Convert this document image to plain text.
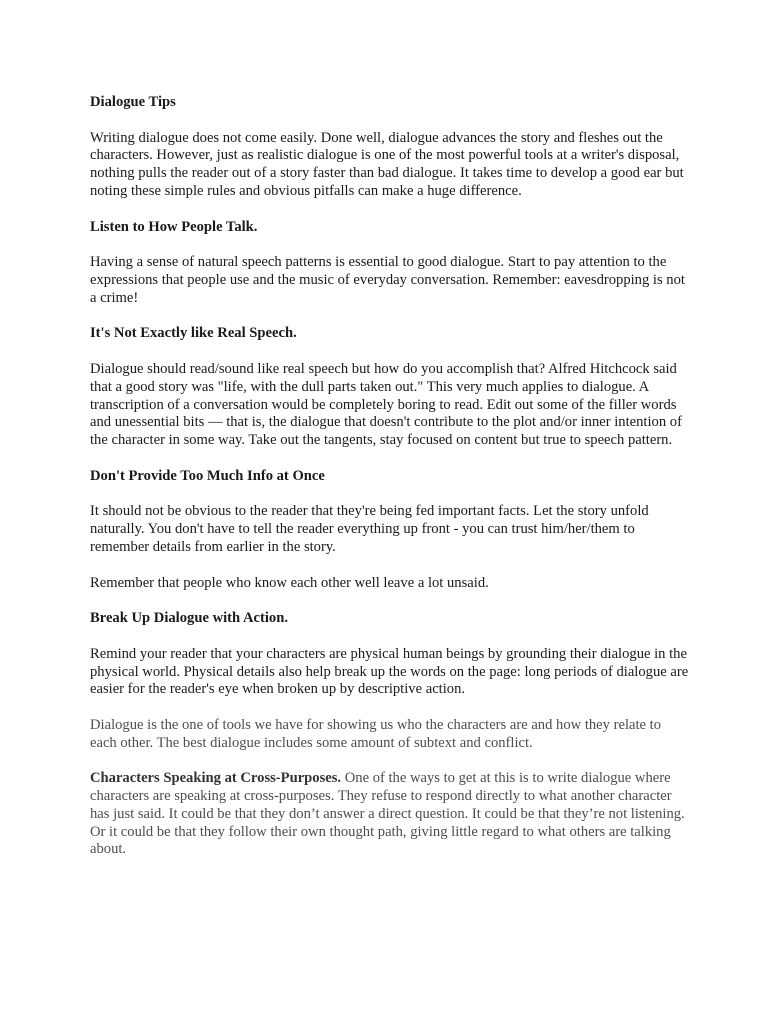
Dialogue Tips

Writing dialogue does not come easily. Done well, dialogue advances the story and fleshes out the characters. However, just as realistic dialogue is one of the most powerful tools at a writer's disposal, nothing pulls the reader out of a story faster than bad dialogue. It takes time to develop a good ear but noting these simple rules and obvious pitfalls can make a huge difference.

Listen to How People Talk.

Having a sense of natural speech patterns is essential to good dialogue. Start to pay attention to the expressions that people use and the music of everyday conversation. Remember: eavesdropping is not a crime!

It's Not Exactly like Real Speech.

Dialogue should read/sound like real speech but how do you accomplish that? Alfred Hitchcock said that a good story was "life, with the dull parts taken out." This very much applies to dialogue. A transcription of a conversation would be completely boring to read. Edit out some of the filler words and unessential bits — that is, the dialogue that doesn't contribute to the plot and/or inner intention of the character in some way. Take out the tangents, stay focused on content but true to speech pattern.

Don't Provide Too Much Info at Once

It should not be obvious to the reader that they're being fed important facts. Let the story unfold naturally. You don't have to tell the reader everything up front - you can trust him/her/them to remember details from earlier in the story.

Remember that people who know each other well leave a lot unsaid.

Break Up Dialogue with Action.

Remind your reader that your characters are physical human beings by grounding their dialogue in the physical world. Physical details also help break up the words on the page: long periods of dialogue are easier for the reader's eye when broken up by descriptive action.

Dialogue is the one of tools we have for showing us who the characters are and how they relate to each other. The best dialogue includes some amount of subtext and conflict.

Characters Speaking at Cross-Purposes. One of the ways to get at this is to write dialogue where characters are speaking at cross-purposes. They refuse to respond directly to what another character has just said. It could be that they don’t answer a direct question. It could be that they’re not listening. Or it could be that they follow their own thought path, giving little regard to what others are talking about.
